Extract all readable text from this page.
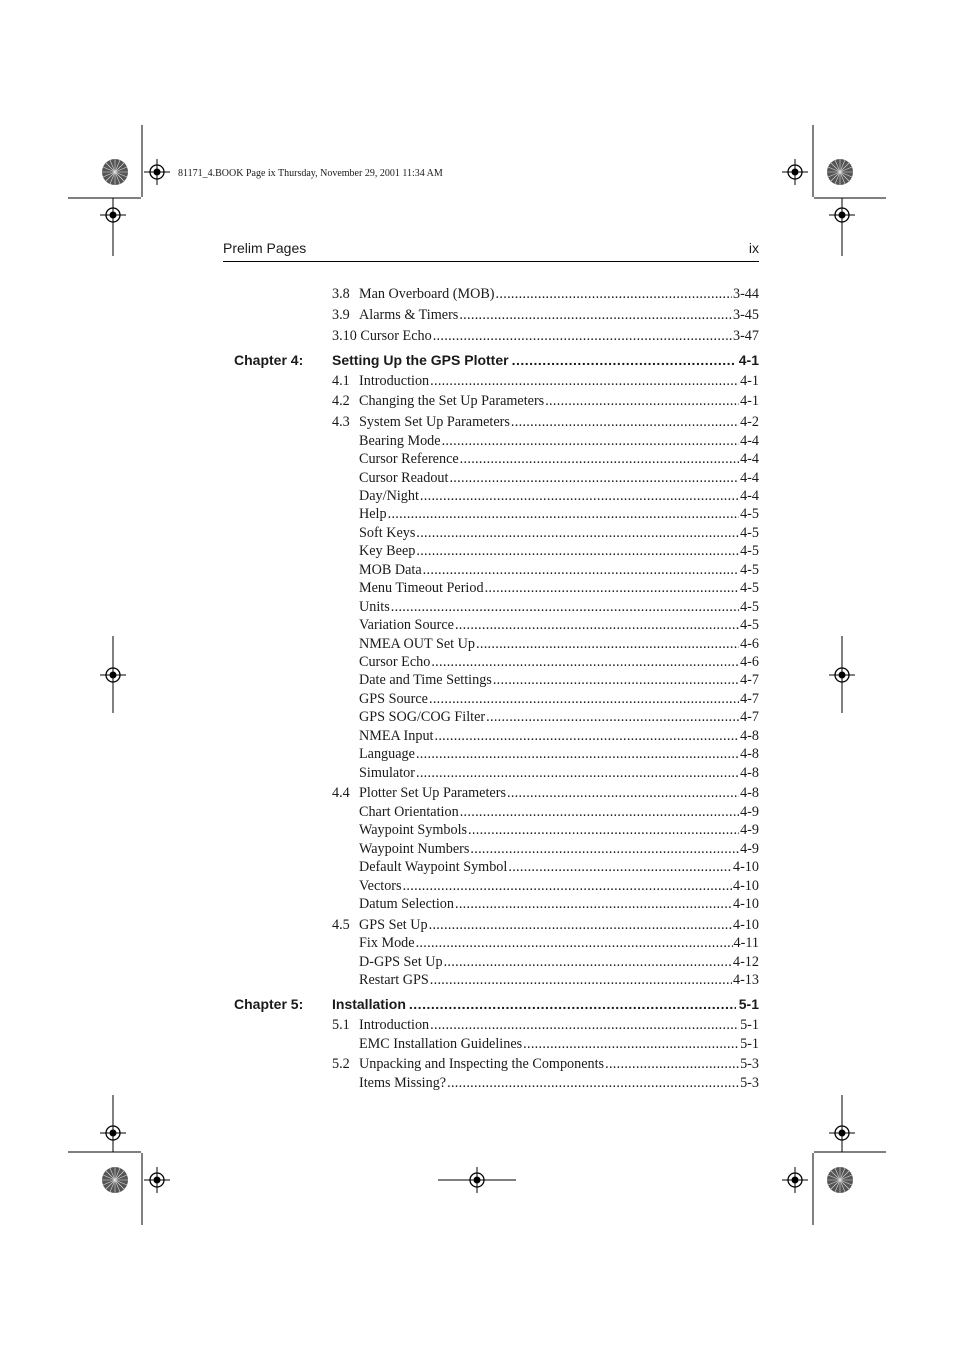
81171_4.BOOK Page ix Thursday, November 29, 2001 11:34 AM
Prelim Pages	ix
3.8 Man Overboard (MOB) .....	3-44
3.9 Alarms & Timers .....	3-45
3.10 Cursor Echo .....	3-47
Chapter 4: Setting Up the GPS Plotter .....	4-1
4.1 Introduction .....	4-1
4.2 Changing the Set Up Parameters .....	4-1
4.3 System Set Up Parameters .....	4-2
Bearing Mode .....	4-4
Cursor Reference .....	4-4
Cursor Readout .....	4-4
Day/Night .....	4-4
Help .....	4-5
Soft Keys .....	4-5
Key Beep .....	4-5
MOB Data .....	4-5
Menu Timeout Period .....	4-5
Units .....	4-5
Variation Source .....	4-5
NMEA OUT Set Up .....	4-6
Cursor Echo .....	4-6
Date and Time Settings .....	4-7
GPS Source .....	4-7
GPS SOG/COG Filter .....	4-7
NMEA Input .....	4-8
Language .....	4-8
Simulator .....	4-8
4.4 Plotter Set Up Parameters .....	4-8
Chart Orientation .....	4-9
Waypoint Symbols .....	4-9
Waypoint Numbers .....	4-9
Default Waypoint Symbol .....	4-10
Vectors .....	4-10
Datum Selection .....	4-10
4.5 GPS Set Up .....	4-10
Fix Mode .....	4-11
D-GPS Set Up .....	4-12
Restart GPS .....	4-13
Chapter 5: Installation .....	5-1
5.1 Introduction .....	5-1
EMC Installation Guidelines .....	5-1
5.2 Unpacking and Inspecting the Components .....	5-3
Items Missing? .....	5-3
